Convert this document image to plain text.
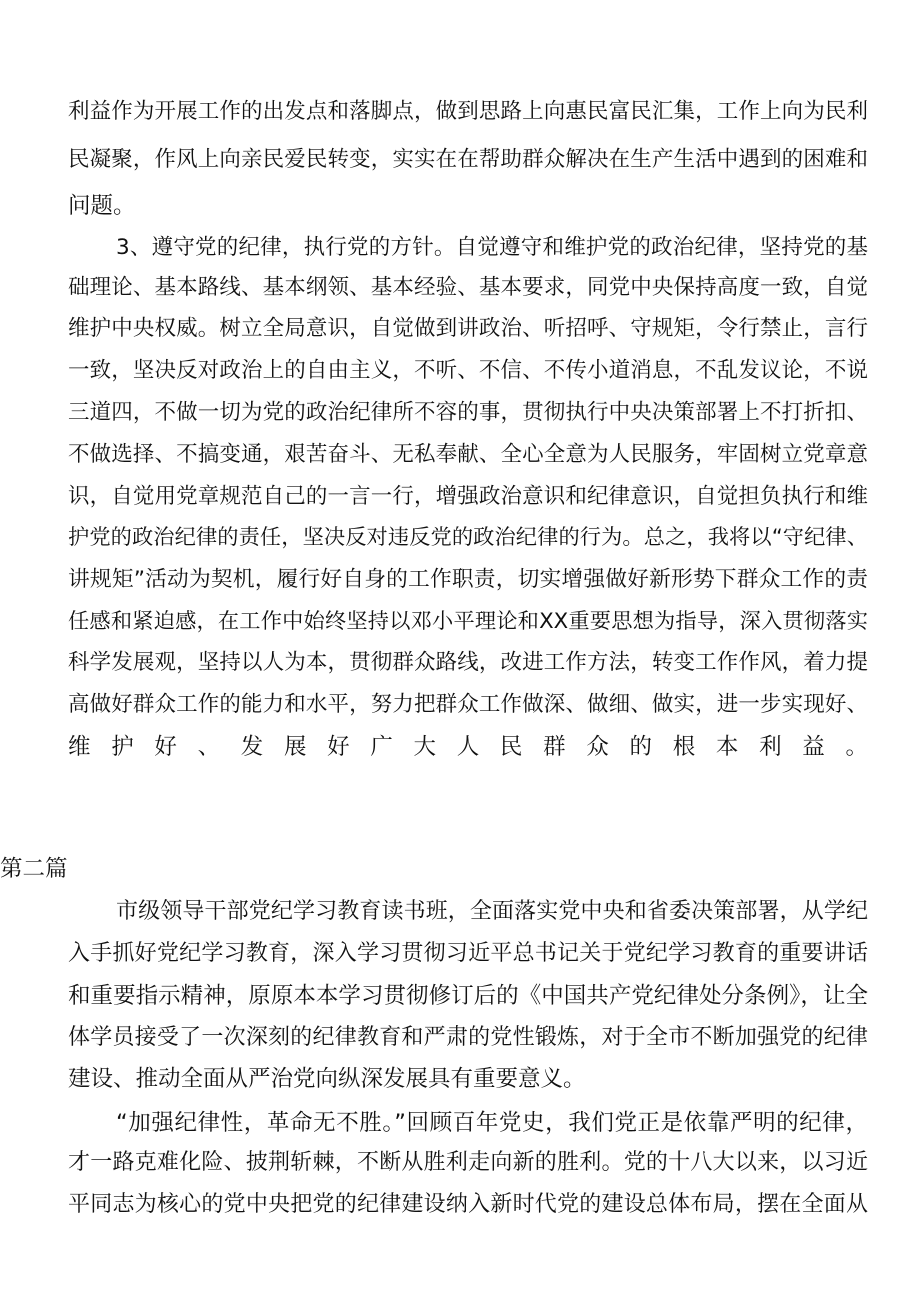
利益作为开展工作的出发点和落脚点，做到思路上向惠民富民汇集，工作上向为民利
民凝聚，作风上向亲民爱民转变，实实在在帮助群众解决在生产生活中遇到的困难和
问题。
3、遵守党的纪律，执行党的方针。自觉遵守和维护党的政治纪律，坚持党的基
础理论、基本路线、基本纲领、基本经验、基本要求，同党中央保持高度一致，自觉
维护中央权威。树立全局意识，自觉做到讲政治、听招呼、守规矩，令行禁止，言行
一致，坚决反对政治上的自由主义，不听、不信、不传小道消息，不乱发议论，不说
三道四，不做一切为党的政治纪律所不容的事，贯彻执行中央决策部署上不打折扣、
不做选择、不搞变通，艰苦奋斗、无私奉献、全心全意为人民服务，牢固树立党章意
识，自觉用党章规范自己的一言一行，增强政治意识和纪律意识，自觉担负执行和维
护党的政治纪律的责任，坚决反对违反党的政治纪律的行为。总之，我将以“守纪律、
讲规矩”活动为契机，履行好自身的工作职责，切实增强做好新形势下群众工作的责
任感和紧迫感，在工作中始终坚持以邓小平理论和XX重要思想为指导，深入贯彻落实
科学发展观，坚持以人为本，贯彻群众路线，改进工作方法，转变工作作风，着力提
高做好群众工作的能力和水平，努力把群众工作做深、做细、做实，进一步实现好、
维护好、发展好广大人民群众的根本利益。
第二篇
市级领导干部党纪学习教育读书班，全面落实党中央和省委决策部署，从学纪
入手抓好党纪学习教育，深入学习贯彻习近平总书记关于党纪学习教育的重要讲话
和重要指示精神，原原本本学习贯彻修订后的《中国共产党纪律处分条例》，让全
体学员接受了一次深刻的纪律教育和严肃的党性锻炼，对于全市不断加强党的纪律
建设、推动全面从严治党向纵深发展具有重要意义。
“加强纪律性，革命无不胜。”回顾百年党史，我们党正是依靠严明的纪律，
才一路克难化险、披荆斩棘，不断从胜利走向新的胜利。党的十八大以来，以习近
平同志为核心的党中央把党的纪律建设纳入新时代党的建设总体布局，摆在全面从
